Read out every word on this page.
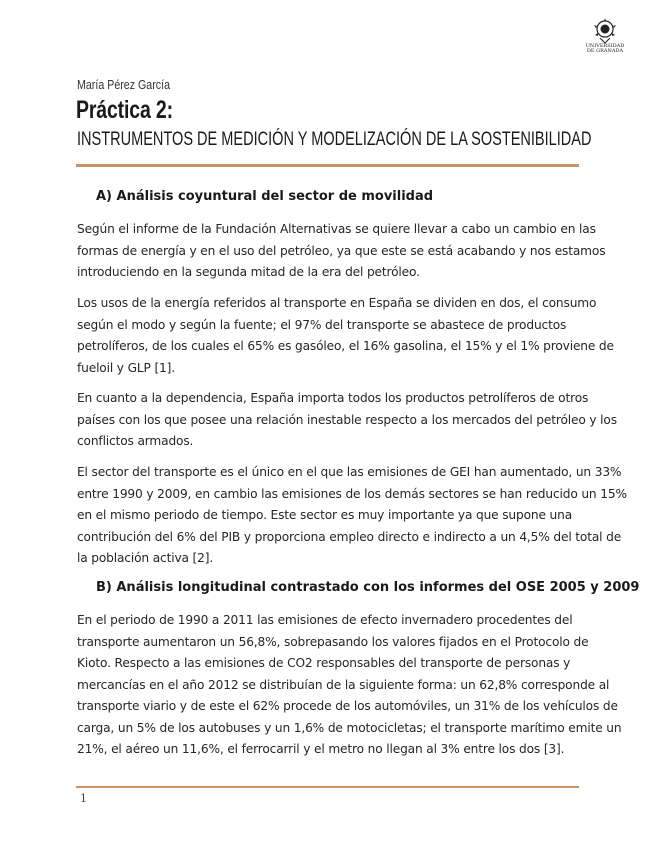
UNIVERSIDAD
DE GRANADA
María Pérez García
Práctica 2:
INSTRUMENTOS DE MEDICIÓN Y MODELIZACIÓN DE LA SOSTENIBILIDAD
A) Análisis coyuntural del sector de movilidad
Según el informe de la Fundación Alternativas se quiere llevar a cabo un cambio en las
formas de energía y en el uso del petróleo, ya que este se está acabando y nos estamos
introduciendo en la segunda mitad de la era del petróleo.
Los usos de la energía referidos al transporte en España se dividen en dos, el consumo
según el modo y según la fuente; el 97% del transporte se abastece de productos
petrolíferos, de los cuales el 65% es gasóleo, el 16% gasolina, el 15% y el 1% proviene de
fueloil y GLP [1].
En cuanto a la dependencia, España importa todos los productos petrolíferos de otros
países con los que posee una relación inestable respecto a los mercados del petróleo y los
conflictos armados.
El sector del transporte es el único en el que las emisiones de GEI han aumentado, un 33%
entre 1990 y 2009, en cambio las emisiones de los demás sectores se han reducido un 15%
en el mismo periodo de tiempo. Este sector es muy importante ya que supone una
contribución del 6% del PIB y proporciona empleo directo e indirecto a un 4,5% del total de
la población activa [2].
B) Análisis longitudinal contrastado con los informes del OSE 2005 y 2009
En el periodo de 1990 a 2011 las emisiones de efecto invernadero procedentes del
transporte aumentaron un 56,8%, sobrepasando los valores fijados en el Protocolo de
Kioto. Respecto a las emisiones de CO2 responsables del transporte de personas y
mercancías en el año 2012 se distribuían de la siguiente forma: un 62,8% corresponde al
transporte viario y de este el 62% procede de los automóviles, un 31% de los vehículos de
carga, un 5% de los autobuses y un 1,6% de motocicletas; el transporte marítimo emite un
21%, el aéreo un 11,6%, el ferrocarril y el metro no llegan al 3% entre los dos [3].
1
